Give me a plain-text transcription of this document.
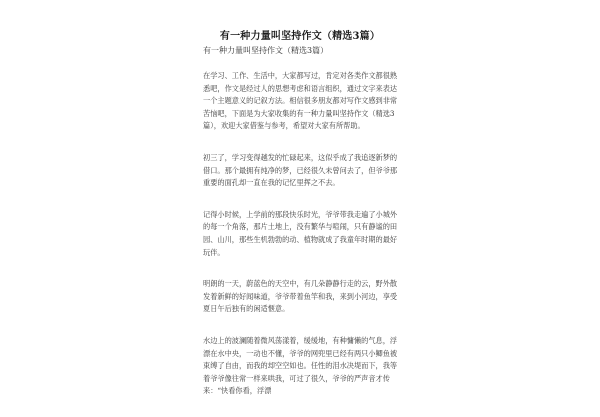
有一种力量叫坚持作文（精选3篇）

有一种力量叫坚持作文（精选3篇）

在学习、工作、生活中，大家都写过，肯定对各类作文都很熟悉吧，作文是经过人的思想考虑和语言组织，通过文字来表达一个主题意义的记叙方法。相信很多朋友都对写作文感到非常苦恼吧，下面是为大家收集的有一种力量叫坚持作文（精选3篇），欢迎大家借鉴与参考，希望对大家有所帮助。

初三了，学习变得越发的忙碌起来，这似乎成了我追逐新梦的借口。那个最拥有纯净的梦，已经很久未曾问去了，但爷爷那重要的面孔却一直在我的记忆里挥之不去。

记得小时候，上学前的那段快乐时光，爷爷带我走遍了小城外的每一个角落，那片土地上，没有繁华与喧闹，只有静谧的田园、山川，那些生机勃勃的动、植物就成了我童年时期的最好玩伴。

明朗的一天，蔚蓝色的天空中，有几朵静静行走的云，野外散发着新鲜的好闻味道，爷爷带着鱼竿和我，来到小河边，享受夏日午后独有的闲适惬意。

水边上的波澜随着微风荡漾着，缓缓地，有种慵懒的气息，浮漂在水中央，一动也不懂，爷爷的网兜里已经有两只小鲫鱼被束缚了自由，而我的却空空如也。任性的泪水决堤而下，我等着爷爷像往常一样来哄我，可过了很久，爷爷的严声音才传来：“快看你看，浮漂
